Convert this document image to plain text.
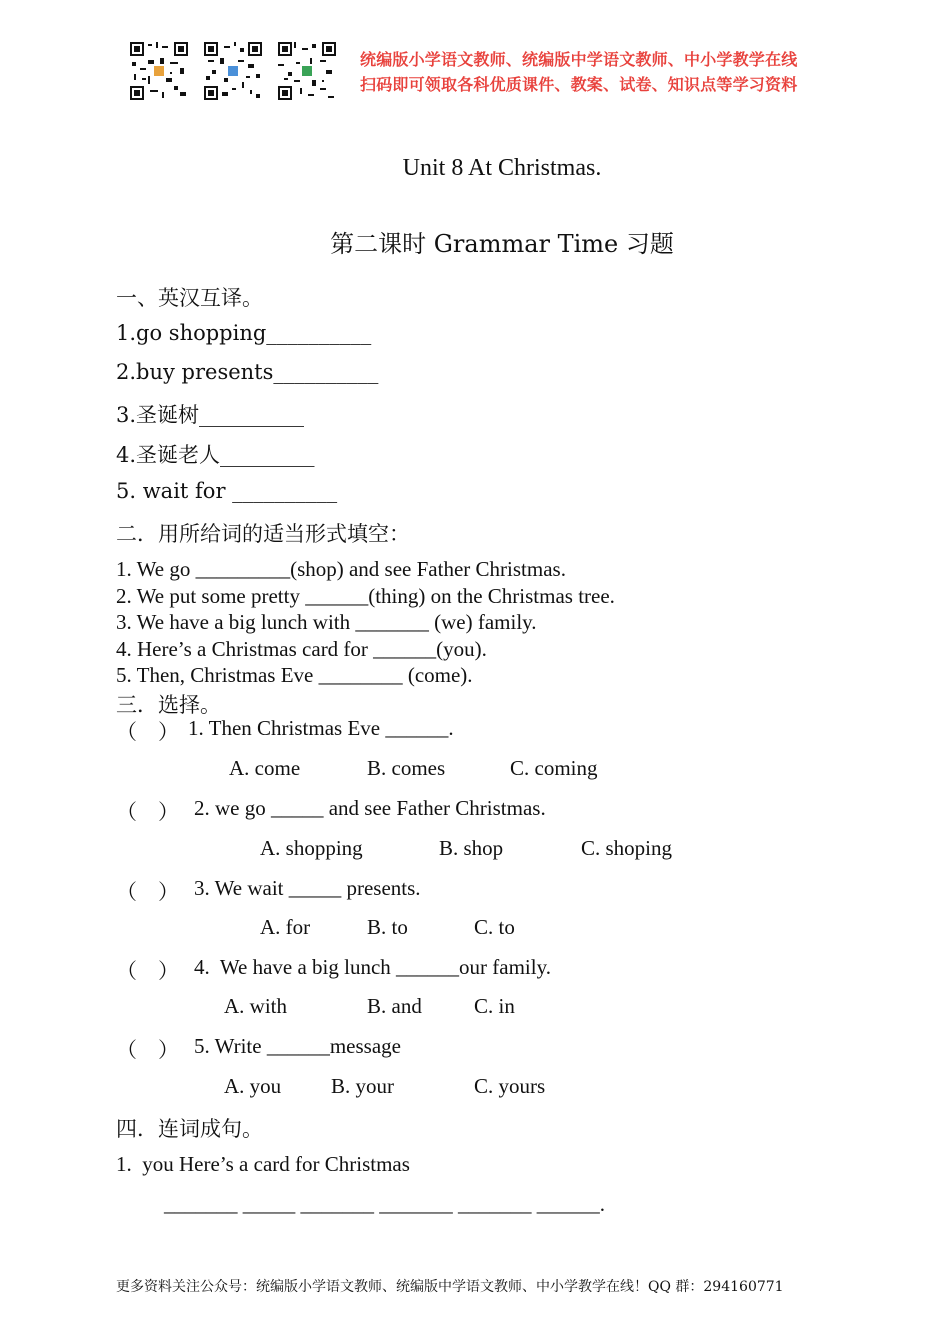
统编版小学语文教师、统编版中学语文教师、中小学教学在线
扫码即可领取各科优质课件、教案、试卷、知识点等学习资料
Unit 8 At Christmas.
第二课时 Grammar Time 习题
一、英汉互译。
1.go shopping__________
2.buy presents__________
3.圣诞树__________
4.圣诞老人_________
5. wait for __________
二．用所给词的适当形式填空：
1. We go _________(shop) and see Father Christmas.
2. We put some pretty ______(thing) on the Christmas tree.
3. We have a big lunch with _______ (we) family.
4. Here’s a Christmas card for ______(you).
5. Then, Christmas Eve ________ (come).
三．选择。
（　） 1. Then Christmas Eve ______.
A. come	B. comes	C. coming
（　） 2. we go _____ and see Father Christmas.
A. shopping	B. shop	C. shoping
（　） 3. We wait _____ presents.
A. for	B. to	C. to
（　） 4.  We have a big lunch ______our family.
A. with	B. and C. in
（　） 5. Write ______message
A. you B. your	C. yours
四．连词成句。
1.  you Here’s a card for Christmas
_______ _____ _______ _______ _______ ______.
更多资料关注公众号：统编版小学语文教师、统编版中学语文教师、中小学教学在线！QQ 群：294160771
